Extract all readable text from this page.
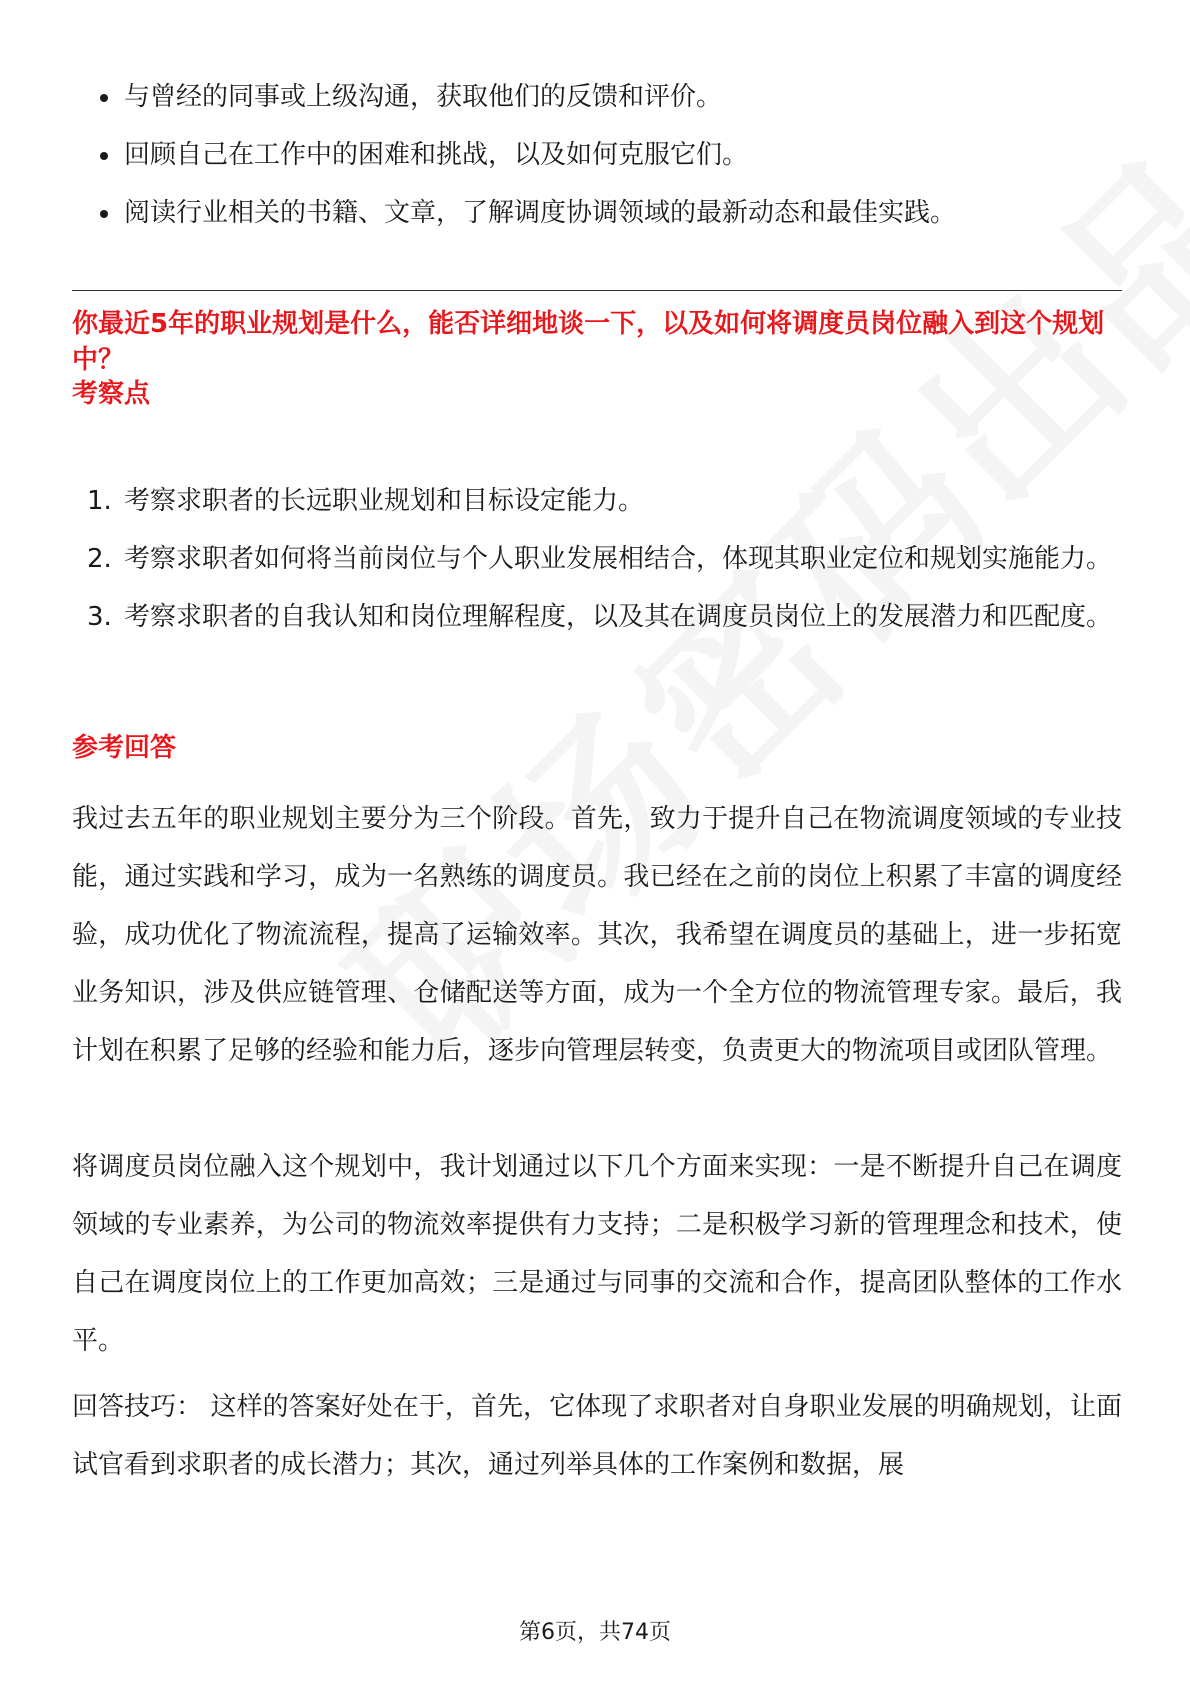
与曾经的同事或上级沟通，获取他们的反馈和评价。
回顾自己在工作中的困难和挑战，以及如何克服它们。
阅读行业相关的书籍、文章，了解调度协调领域的最新动态和最佳实践。
你最近5年的职业规划是什么，能否详细地谈一下，以及如何将调度员岗位融入到这个规划中？
考察点
1. 考察求职者的长远职业规划和目标设定能力。
2. 考察求职者如何将当前岗位与个人职业发展相结合，体现其职业定位和规划实施能力。
3. 考察求职者的自我认知和岗位理解程度，以及其在调度员岗位上的发展潜力和匹配度。
参考回答

我过去五年的职业规划主要分为三个阶段。首先，致力于提升自己在物流调度领域的专业技能，通过实践和学习，成为一名熟练的调度员。我已经在之前的岗位上积累了丰富的调度经验，成功优化了物流流程，提高了运输效率。其次，我希望在调度员的基础上，进一步拓宽业务知识，涉及供应链管理、仓储配送等方面，成为一个全方位的物流管理专家。最后，我计划在积累了足够的经验和能力后，逐步向管理层转变，负责更大的物流项目或团队管理。

将调度员岗位融入这个规划中，我计划通过以下几个方面来实现：一是不断提升自己在调度领域的专业素养，为公司的物流效率提供有力支持；二是积极学习新的管理理念和技术，使自己在调度岗位上的工作更加高效；三是通过与同事的交流和合作，提高团队整体的工作水平。

回答技巧： 这样的答案好处在于，首先，它体现了求职者对自身职业发展的明确规划，让面试官看到求职者的成长潜力；其次，通过列举具体的工作案例和数据，展

第6页，共74页
